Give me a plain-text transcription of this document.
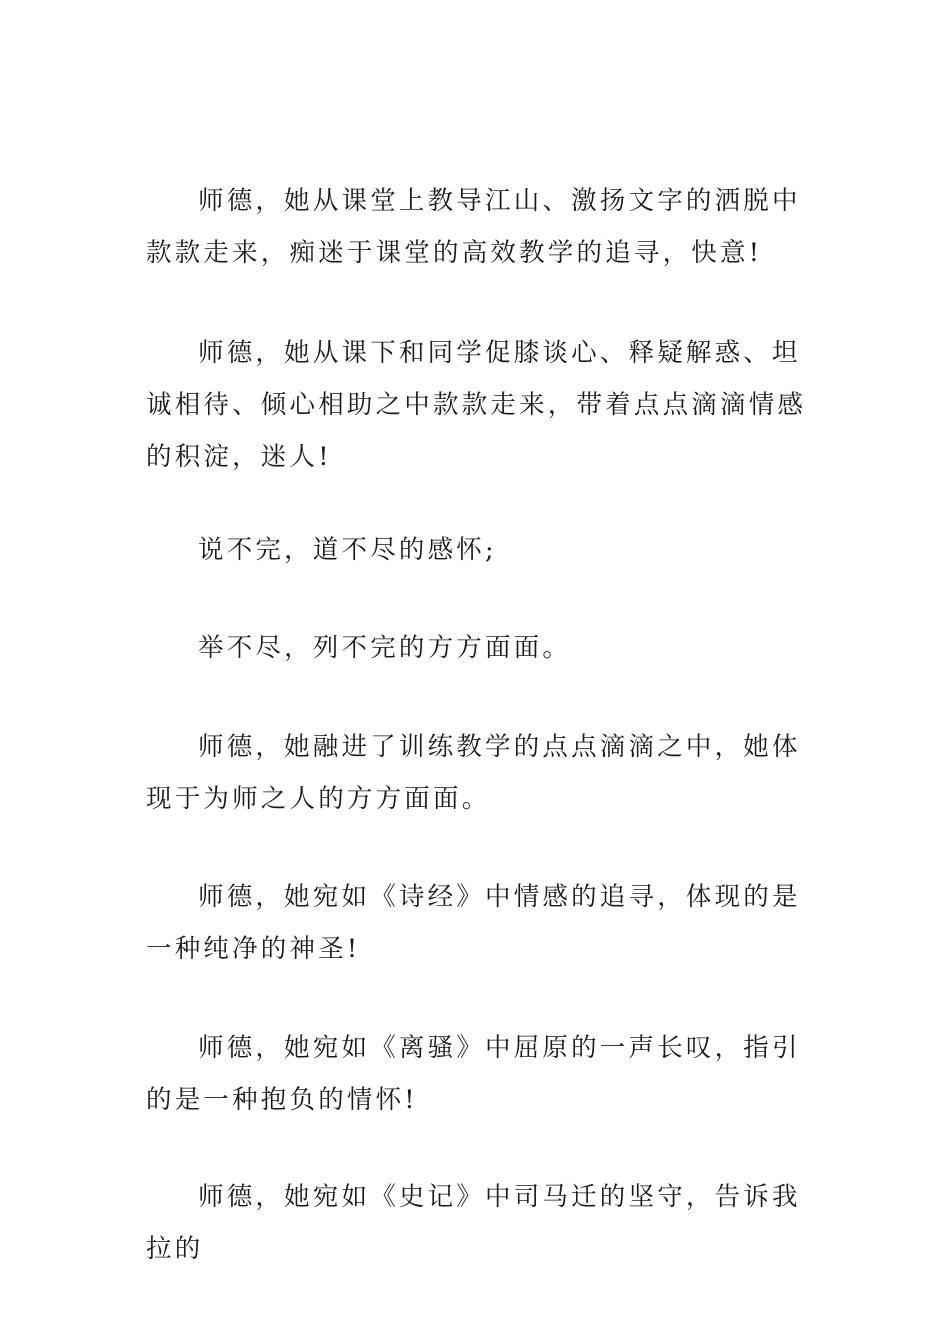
师德，她从课堂上教导江山、激扬文字的洒脱中款款走来，痴迷于课堂的高效教学的追寻，快意!

师德，她从课下和同学促膝谈心、释疑解惑、坦诚相待、倾心相助之中款款走来，带着点点滴滴情感的积淀，迷人!

说不完，道不尽的感怀;

举不尽，列不完的方方面面。

师德，她融进了训练教学的点点滴滴之中，她体现于为师之人的方方面面。

师德，她宛如《诗经》中情感的追寻，体现的是一种纯净的神圣!

师德，她宛如《离骚》中屈原的一声长叹，指引的是一种抱负的情怀!

师德，她宛如《史记》中司马迁的坚守，告诉我拉的
